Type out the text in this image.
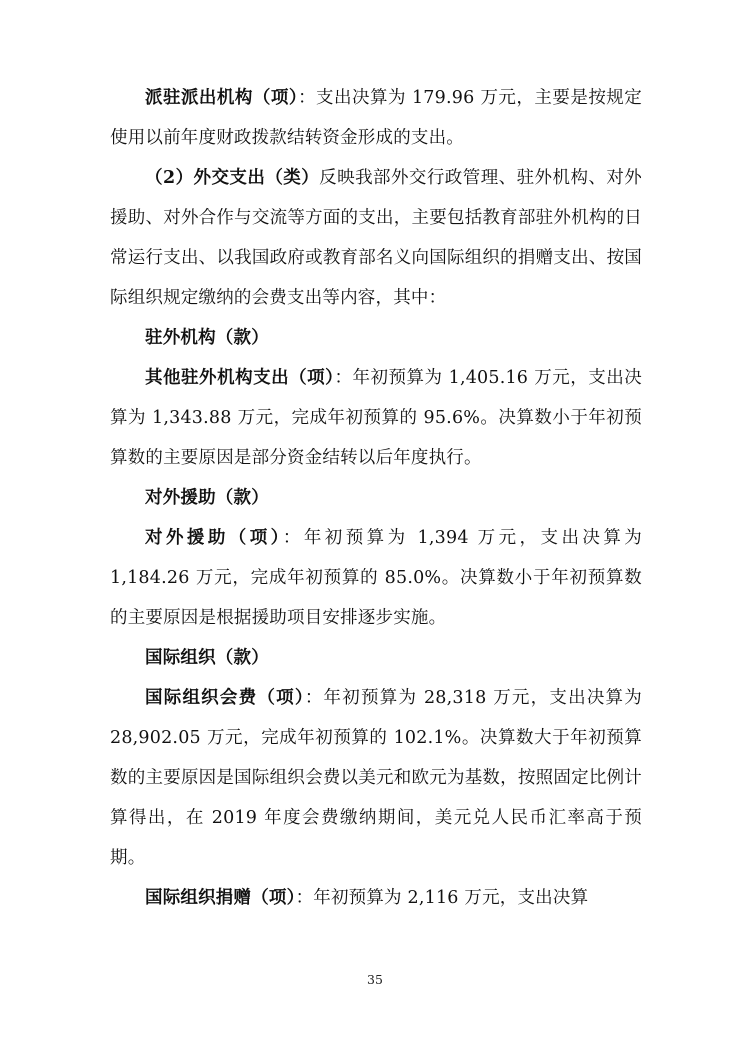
派驻派出机构（项）：支出决算为 179.96 万元，主要是按规定使用以前年度财政拨款结转资金形成的支出。

（2）外交支出（类）反映我部外交行政管理、驻外机构、对外援助、对外合作与交流等方面的支出，主要包括教育部驻外机构的日常运行支出、以我国政府或教育部名义向国际组织的捐赠支出、按国际组织规定缴纳的会费支出等内容，其中：

驻外机构（款）

其他驻外机构支出（项）：年初预算为 1,405.16 万元，支出决算为 1,343.88 万元，完成年初预算的 95.6%。决算数小于年初预算数的主要原因是部分资金结转以后年度执行。

对外援助（款）

对外援助（项）：年初预算为 1,394 万元，支出决算为 1,184.26 万元，完成年初预算的 85.0%。决算数小于年初预算数的主要原因是根据援助项目安排逐步实施。

国际组织（款）

国际组织会费（项）：年初预算为 28,318 万元，支出决算为 28,902.05 万元，完成年初预算的 102.1%。决算数大于年初预算数的主要原因是国际组织会费以美元和欧元为基数，按照固定比例计算得出，在 2019 年度会费缴纳期间，美元兑人民币汇率高于预期。

国际组织捐赠（项）：年初预算为 2,116 万元，支出决算

35
